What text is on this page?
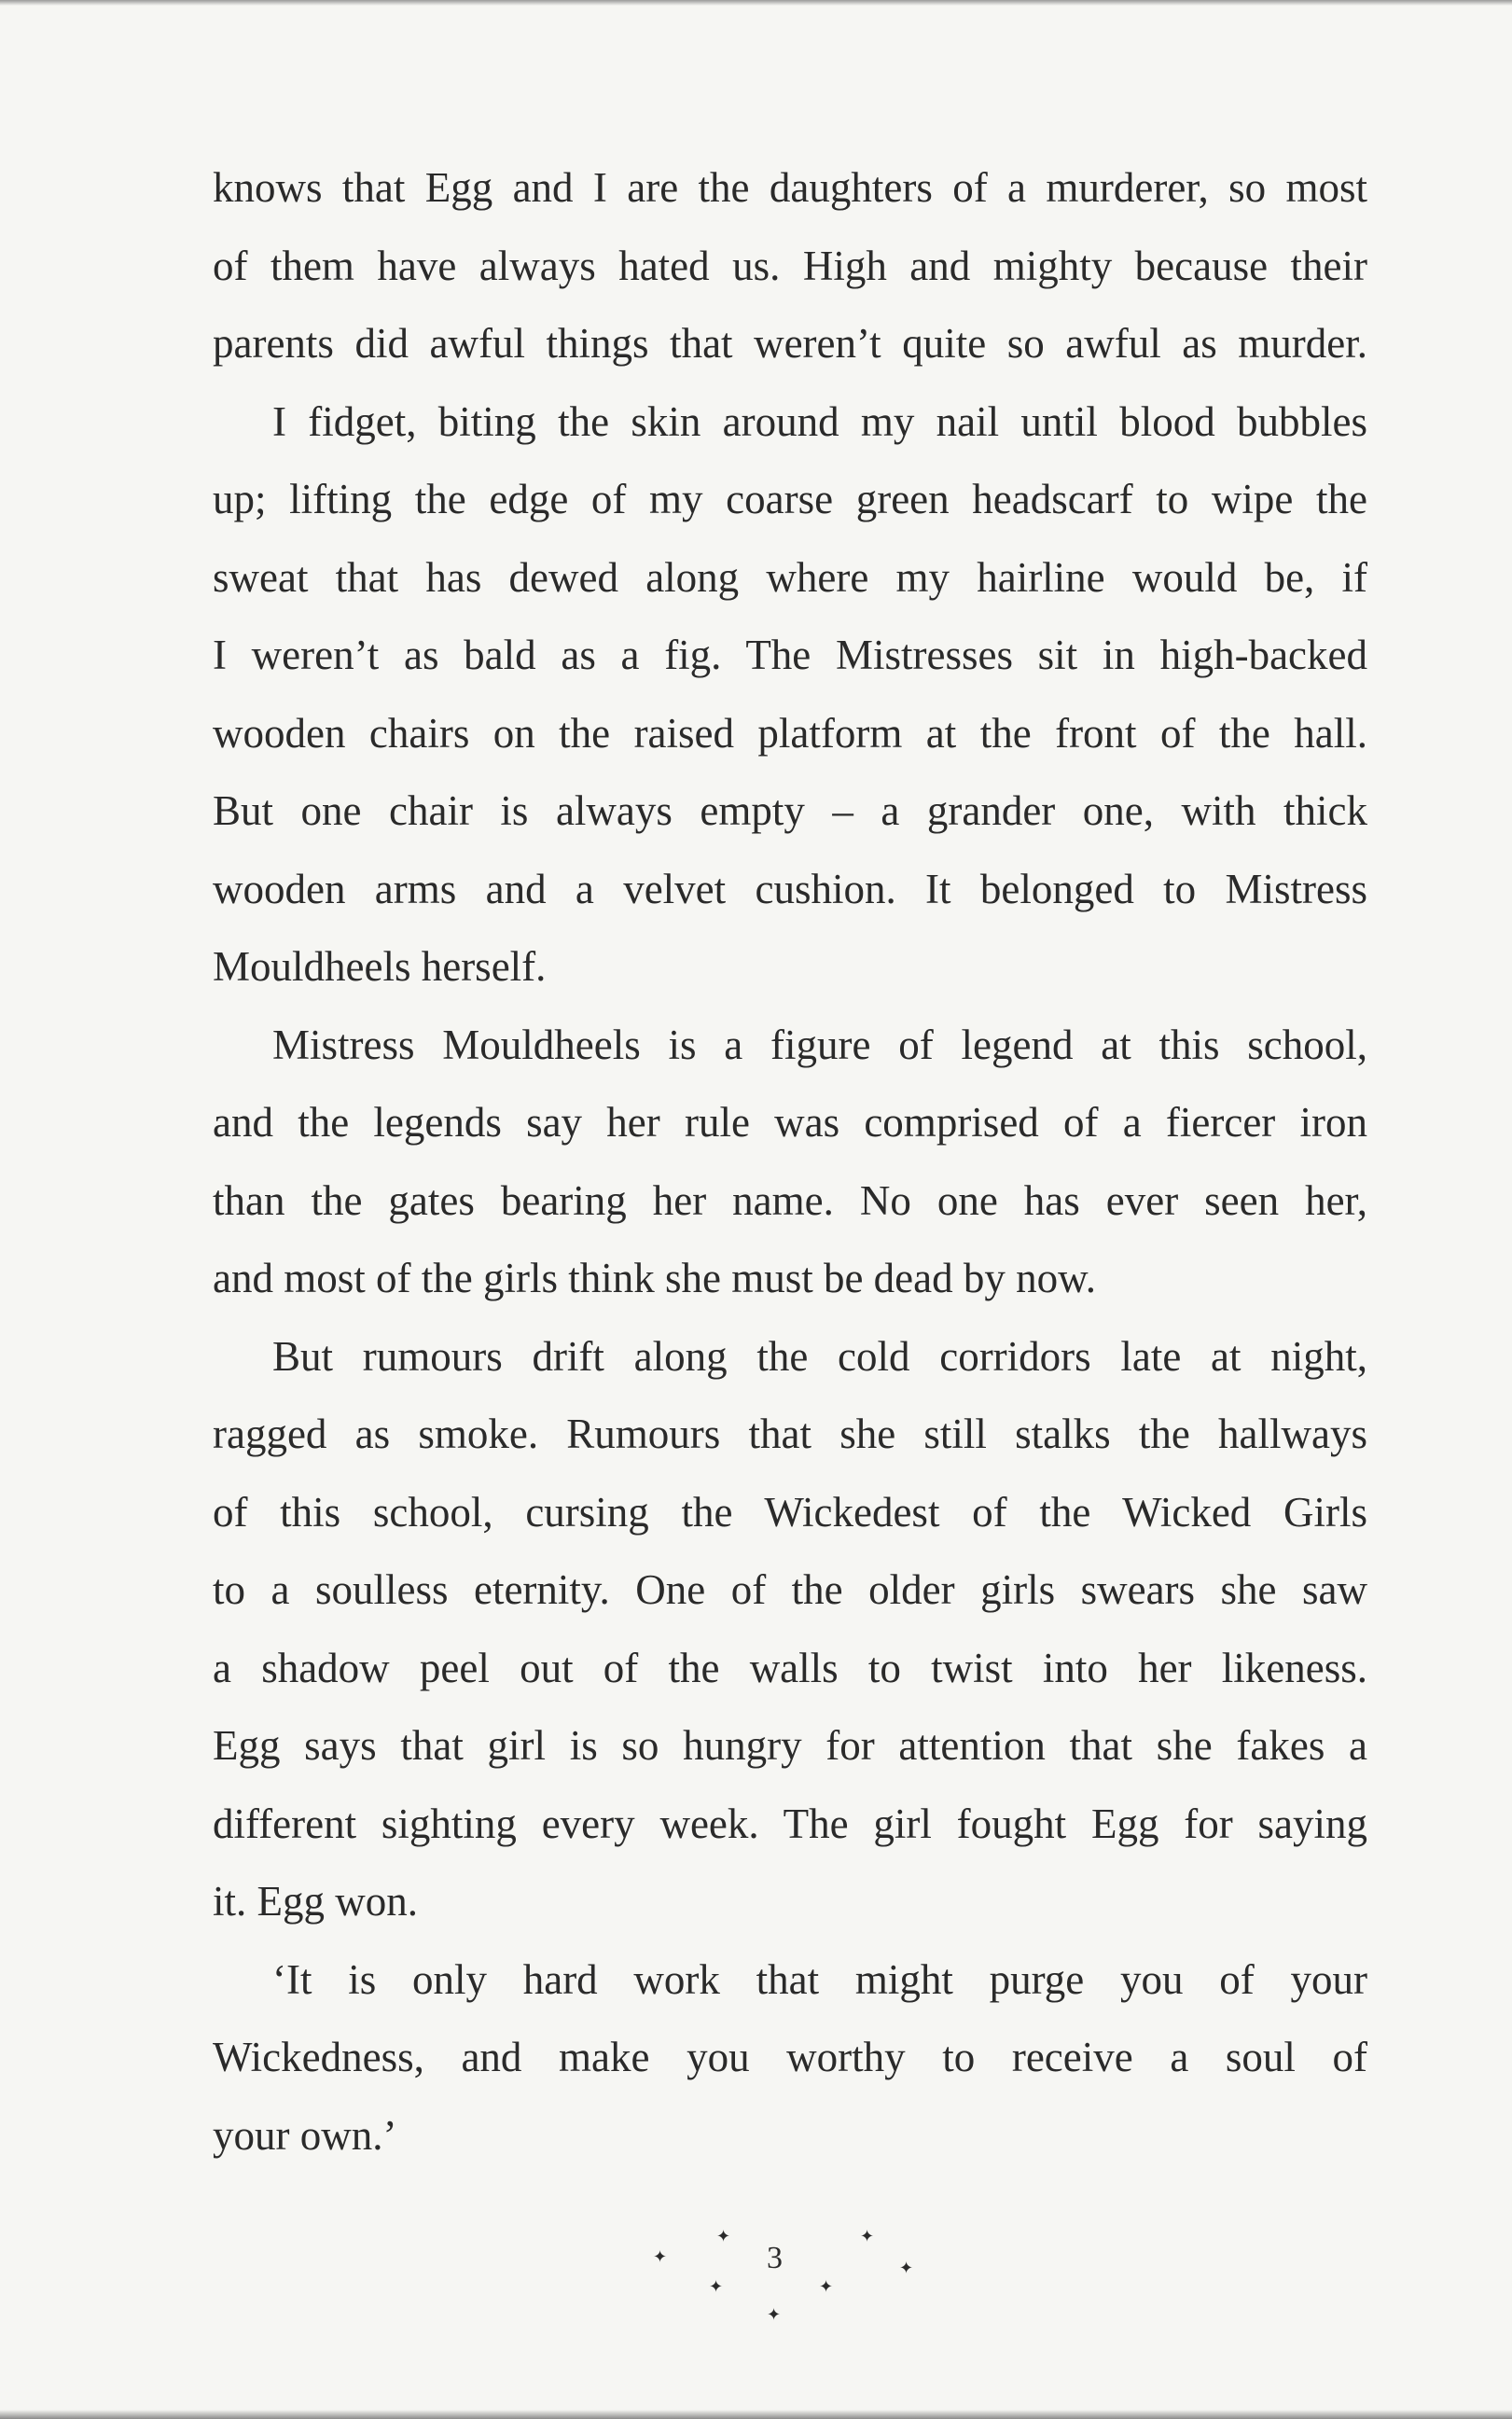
knows that Egg and I are the daughters of a murderer, so most
of them have always hated us. High and mighty because their
parents did awful things that weren’t quite so awful as murder.
I fidget, biting the skin around my nail until blood bubbles
up; lifting the edge of my coarse green headscarf to wipe the
sweat that has dewed along where my hairline would be, if
I weren’t as bald as a fig. The Mistresses sit in high-backed
wooden chairs on the raised platform at the front of the hall.
But one chair is always empty – a grander one, with thick
wooden arms and a velvet cushion. It belonged to Mistress
Mouldheels herself.
Mistress Mouldheels is a figure of legend at this school,
and the legends say her rule was comprised of a fiercer iron
than the gates bearing her name. No one has ever seen her,
and most of the girls think she must be dead by now.
But rumours drift along the cold corridors late at night,
ragged as smoke. Rumours that she still stalks the hallways
of this school, cursing the Wickedest of the Wicked Girls
to a soulless eternity. One of the older girls swears she saw
a shadow peel out of the walls to twist into her likeness.
Egg says that girl is so hungry for attention that she fakes a
different sighting every week. The girl fought Egg for saying
it. Egg won.
‘It is only hard work that might purge you of your
Wickedness, and make you worthy to receive a soul of
your own.’
✦
✦
✦
✦
3
✦
✦
✦
